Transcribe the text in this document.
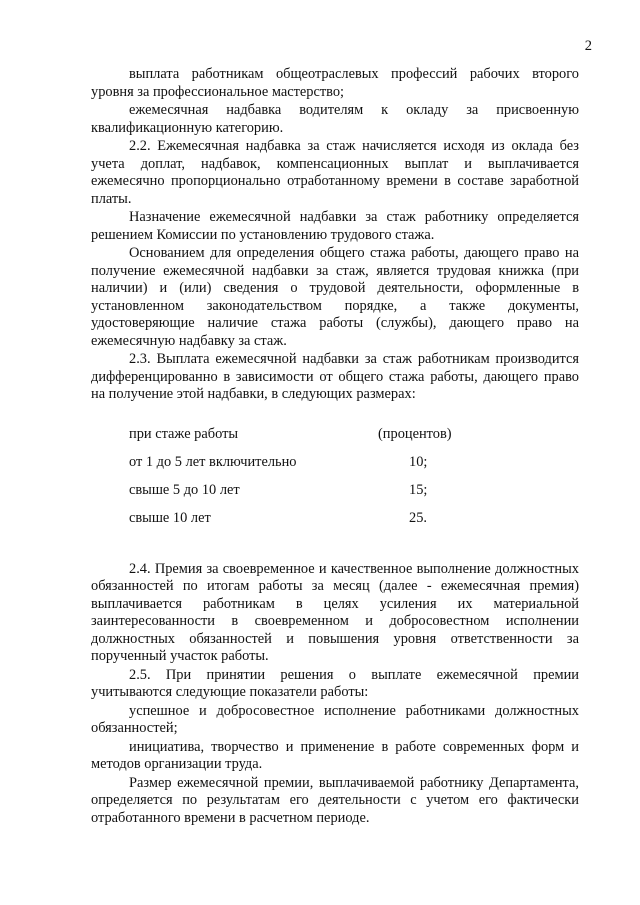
2

выплата работникам общеотраслевых профессий рабочих второго уровня за профессиональное мастерство;

ежемесячная надбавка водителям к окладу за присвоенную квалификационную категорию.

2.2. Ежемесячная надбавка за стаж начисляется исходя из оклада без учета доплат, надбавок, компенсационных выплат и выплачивается ежемесячно пропорционально отработанному времени в составе заработной платы.

Назначение ежемесячной надбавки за стаж работнику определяется решением Комиссии по установлению трудового стажа.

Основанием для определения общего стажа работы, дающего право на получение ежемесячной надбавки за стаж, является трудовая книжка (при наличии) и (или) сведения о трудовой деятельности, оформленные в установленном законодательством порядке, а также документы, удостоверяющие наличие стажа работы (службы), дающего право на ежемесячную надбавку за стаж.

2.3. Выплата ежемесячной надбавки за стаж работникам производится дифференцированно в зависимости от общего стажа работы, дающего право на получение этой надбавки, в следующих размерах:

при стаже работы	(процентов)
от 1 до 5 лет включительно	10;
свыше 5 до 10 лет	15;
свыше 10 лет	25.

2.4. Премия за своевременное и качественное выполнение должностных обязанностей по итогам работы за месяц (далее - ежемесячная премия) выплачивается работникам в целях усиления их материальной заинтересованности в своевременном и добросовестном исполнении должностных обязанностей и повышения уровня ответственности за порученный участок работы.

2.5. При принятии решения о выплате ежемесячной премии учитываются следующие показатели работы:

успешное и добросовестное исполнение работниками должностных обязанностей;

инициатива, творчество и применение в работе современных форм и методов организации труда.

Размер ежемесячной премии, выплачиваемой работнику Департамента, определяется по результатам его деятельности с учетом его фактически отработанного времени в расчетном периоде.
